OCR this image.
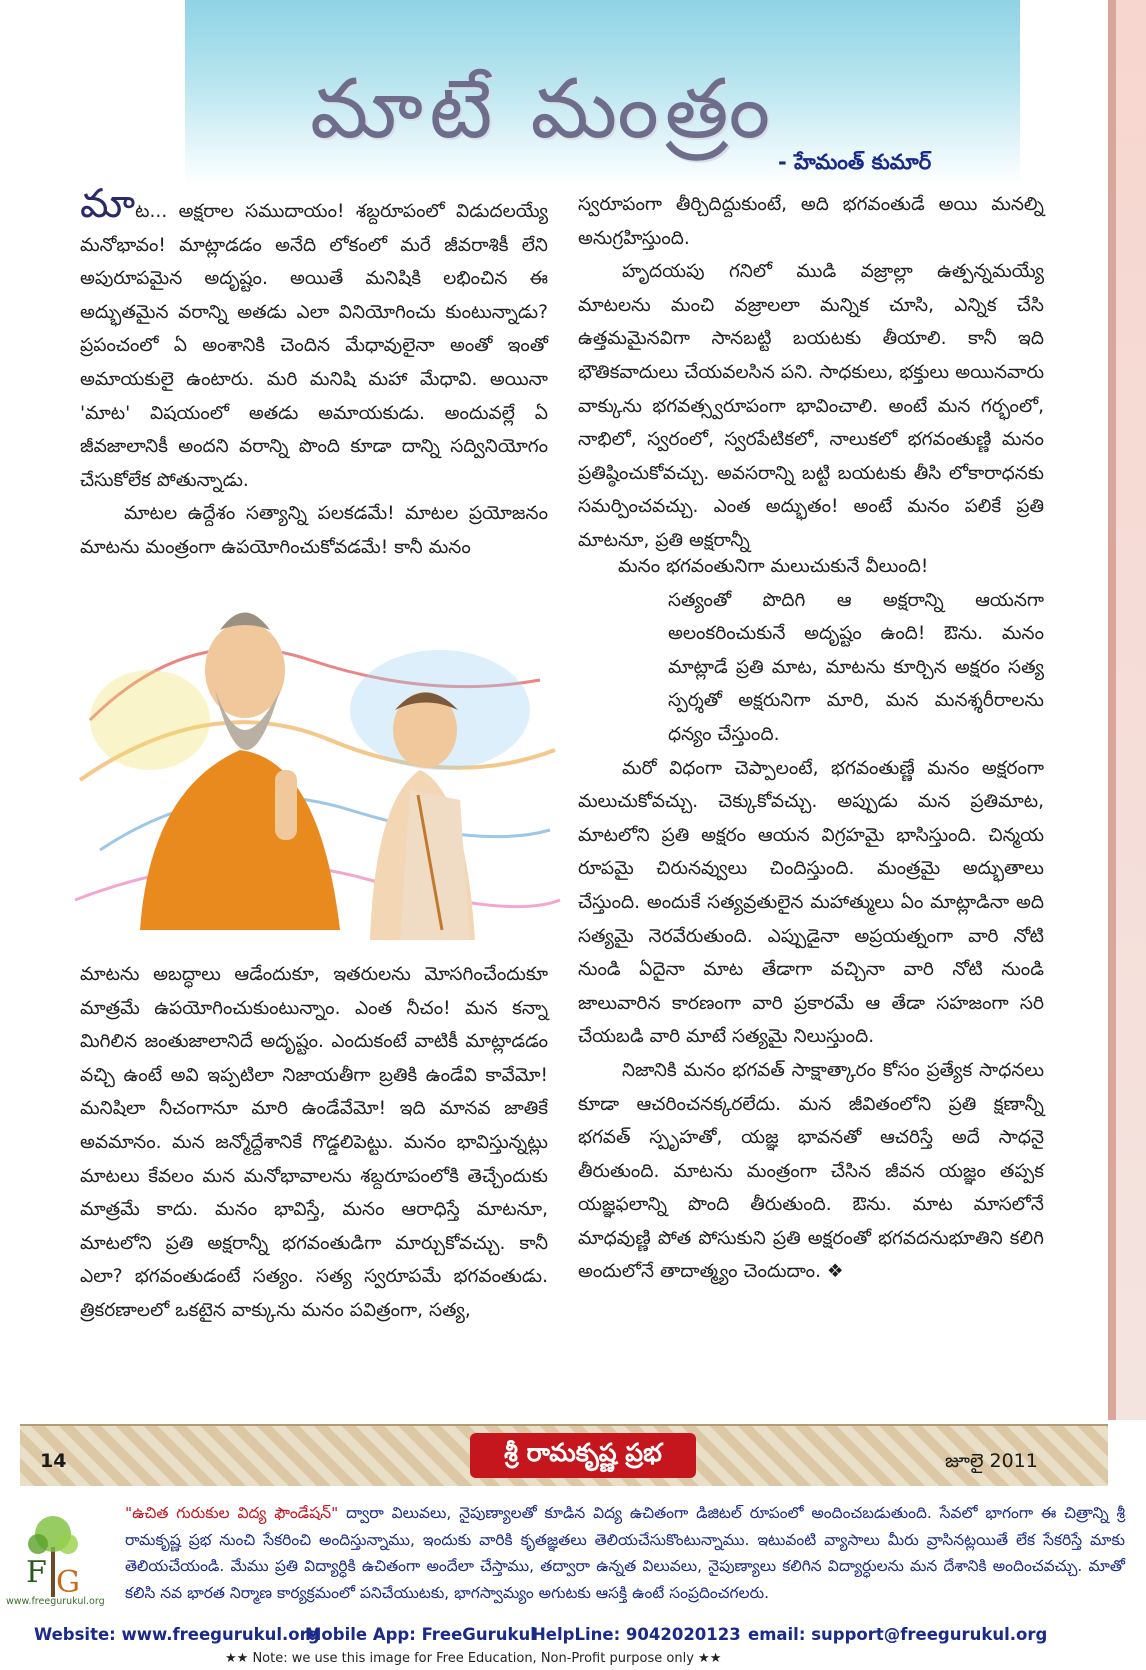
మాటే మంత్రం
- హేమంత్ కుమార్

మాట... అక్షరాల సముదాయం! శబ్దరూపంలో విడుదలయ్యే మనోభావం! మాట్లాడడం అనేది లోకంలో మరే జీవరాశికీ లేని అపురూపమైన అదృష్టం. అయితే మనిషికి లభించిన ఈ అద్భుతమైన వరాన్ని అతడు ఎలా వినియోగించు కుంటున్నాడు? ప్రపంచంలో ఏ అంశానికి చెందిన మేధావులైనా అంతో ఇంతో అమాయకులై ఉంటారు. మరి మనిషి మహా మేధావి. అయినా 'మాట' విషయంలో అతడు అమాయకుడు. అందువల్లే ఏ జీవజాలానికీ అందని వరాన్ని పొంది కూడా దాన్ని సద్వినియోగం చేసుకోలేక పోతున్నాడు.

మాటల ఉద్దేశం సత్యాన్ని పలకడమే! మాటల ప్రయోజనం మాటను మంత్రంగా ఉపయోగించుకోవడమే! కానీ మనం

మాటను అబద్ధాలు ఆడేందుకూ, ఇతరులను మోసగించేందుకూ మాత్రమే ఉపయోగించుకుంటున్నాం. ఎంత నీచం! మన కన్నా మిగిలిన జంతుజాలానిదే అదృష్టం. ఎందుకంటే వాటికీ మాట్లాడడం వచ్చి ఉంటే అవి ఇప్పటిలా నిజాయతీగా బ్రతికి ఉండేవి కావేమో! మనిషిలా నీచంగానూ మారి ఉండేవేమో! ఇది మానవ జాతికే అవమానం. మన జన్మోద్దేశానికే గొడ్డలిపెట్టు. మనం భావిస్తున్నట్లు మాటలు కేవలం మన మనోభావాలను శబ్దరూపంలోకి తెచ్చేందుకు మాత్రమే కాదు. మనం భావిస్తే, మనం ఆరాధిస్తే మాటనూ, మాటలోని ప్రతి అక్షరాన్నీ భగవంతుడిగా మార్చుకోవచ్చు. కానీ ఎలా? భగవంతుడంటే సత్యం. సత్య స్వరూపమే భగవంతుడు. త్రికరణాలలో ఒకటైన వాక్కును మనం పవిత్రంగా, సత్య,

స్వరూపంగా తీర్చిదిద్దుకుంటే, అది భగవంతుడే అయి మనల్ని అనుగ్రహిస్తుంది.

హృదయపు గనిలో ముడి వజ్రాల్లా ఉత్పన్నమయ్యే మాటలను మంచి వజ్రాలలా మన్నిక చూసి, ఎన్నిక చేసి ఉత్తమమైనవిగా సానబట్టి బయటకు తీయాలి. కానీ ఇది భౌతికవాదులు చేయవలసిన పని. సాధకులు, భక్తులు అయినవారు వాక్కును భగవత్స్వరూపంగా భావించాలి. అంటే మన గర్భంలో, నాభిలో, స్వరంలో, స్వరపేటికలో, నాలుకలో భగవంతుణ్ణి మనం ప్రతిష్ఠించుకోవచ్చు. అవసరాన్ని బట్టి బయటకు తీసి లోకారాధనకు సమర్పించవచ్చు. ఎంత అద్భుతం! అంటే మనం పలికే ప్రతి మాటనూ, ప్రతి అక్షరాన్నీ

మనం భగవంతునిగా మలుచుకునే వీలుంది!

సత్యంతో పొదిగి ఆ అక్షరాన్ని ఆయనగా అలంకరించుకునే అదృష్టం ఉంది! ఔను. మనం మాట్లాడే ప్రతి మాట, మాటను కూర్చిన అక్షరం సత్య స్పర్శతో అక్షరునిగా మారి, మన మనశ్శరీరాలను ధన్యం చేస్తుంది.

మరో విధంగా చెప్పాలంటే, భగవంతుణ్ణే మనం అక్షరంగా మలుచుకోవచ్చు. చెక్కుకోవచ్చు. అప్పుడు మన ప్రతిమాట, మాటలోని ప్రతి అక్షరం ఆయన విగ్రహమై భాసిస్తుంది. చిన్మయ రూపమై చిరునవ్వులు చిందిస్తుంది. మంత్రమై అద్భుతాలు చేస్తుంది. అందుకే సత్యవ్రతులైన మహాత్ములు ఏం మాట్లాడినా అది సత్యమై నెరవేరుతుంది. ఎప్పుడైనా అప్రయత్నంగా వారి నోటి నుండి ఏదైనా మాట తేడాగా వచ్చినా వారి నోటి నుండి జాలువారిన కారణంగా వారి ప్రకారమే ఆ తేడా సహజంగా సరి చేయబడి వారి మాటే సత్యమై నిలుస్తుంది.

నిజానికి మనం భగవత్ సాక్షాత్కారం కోసం ప్రత్యేక సాధనలు కూడా ఆచరించనక్కరలేదు. మన జీవితంలోని ప్రతి క్షణాన్నీ భగవత్ స్పృహతో, యజ్ఞ భావనతో ఆచరిస్తే అదే సాధనై తీరుతుంది. మాటను మంత్రంగా చేసిన జీవన యజ్ఞం తప్పక యజ్ఞఫలాన్ని పొంది తీరుతుంది. ఔను. మాట మాసలోనే మాధవుణ్ణి పోత పోసుకుని ప్రతి అక్షరంతో భగవదనుభూతిని కలిగి అందులోనే తాదాత్మ్యం చెందుదాం. ❖

14	శ్రీ రామకృష్ణ ప్రభ	జూలై 2011
F G
www.freegurukul.org
"ఉచిత గురుకుల విద్య ఫౌండేషన్" ద్వారా విలువలు, నైపుణ్యాలతో కూడిన విద్య ఉచితంగా డిజిటల్ రూపంలో అందించబడుతుంది. సేవలో భాగంగా ఈ చిత్రాన్ని శ్రీ రామకృష్ణ ప్రభ నుంచి సేకరించి అందిస్తున్నాము, ఇందుకు వారికి కృతజ్ఞతలు తెలియచేసుకొంటున్నాము. ఇటువంటి వ్యాసాలు మీరు వ్రాసినట్లయితే లేక సేకరిస్తే మాకు తెలియచేయండి. మేము ప్రతి విద్యార్ధికి ఉచితంగా అందేలా చేస్తాము, తద్వారా ఉన్నత విలువలు, నైపుణ్యాలు కలిగిన విద్యార్ధులను మన దేశానికి అందించవచ్చు. మాతో కలిసి నవ భారత నిర్మాణ కార్యక్రమంలో పనిచేయుటకు, భాగస్వామ్యం అగుటకు ఆసక్తి ఉంటే సంప్రదించగలరు.
Website: www.freegurukul.org
Mobile App: FreeGurukul
HelpLine: 9042020123 email: support@freegurukul.org
★★ Note: we use this image for Free Education, Non-Profit purpose only ★★
